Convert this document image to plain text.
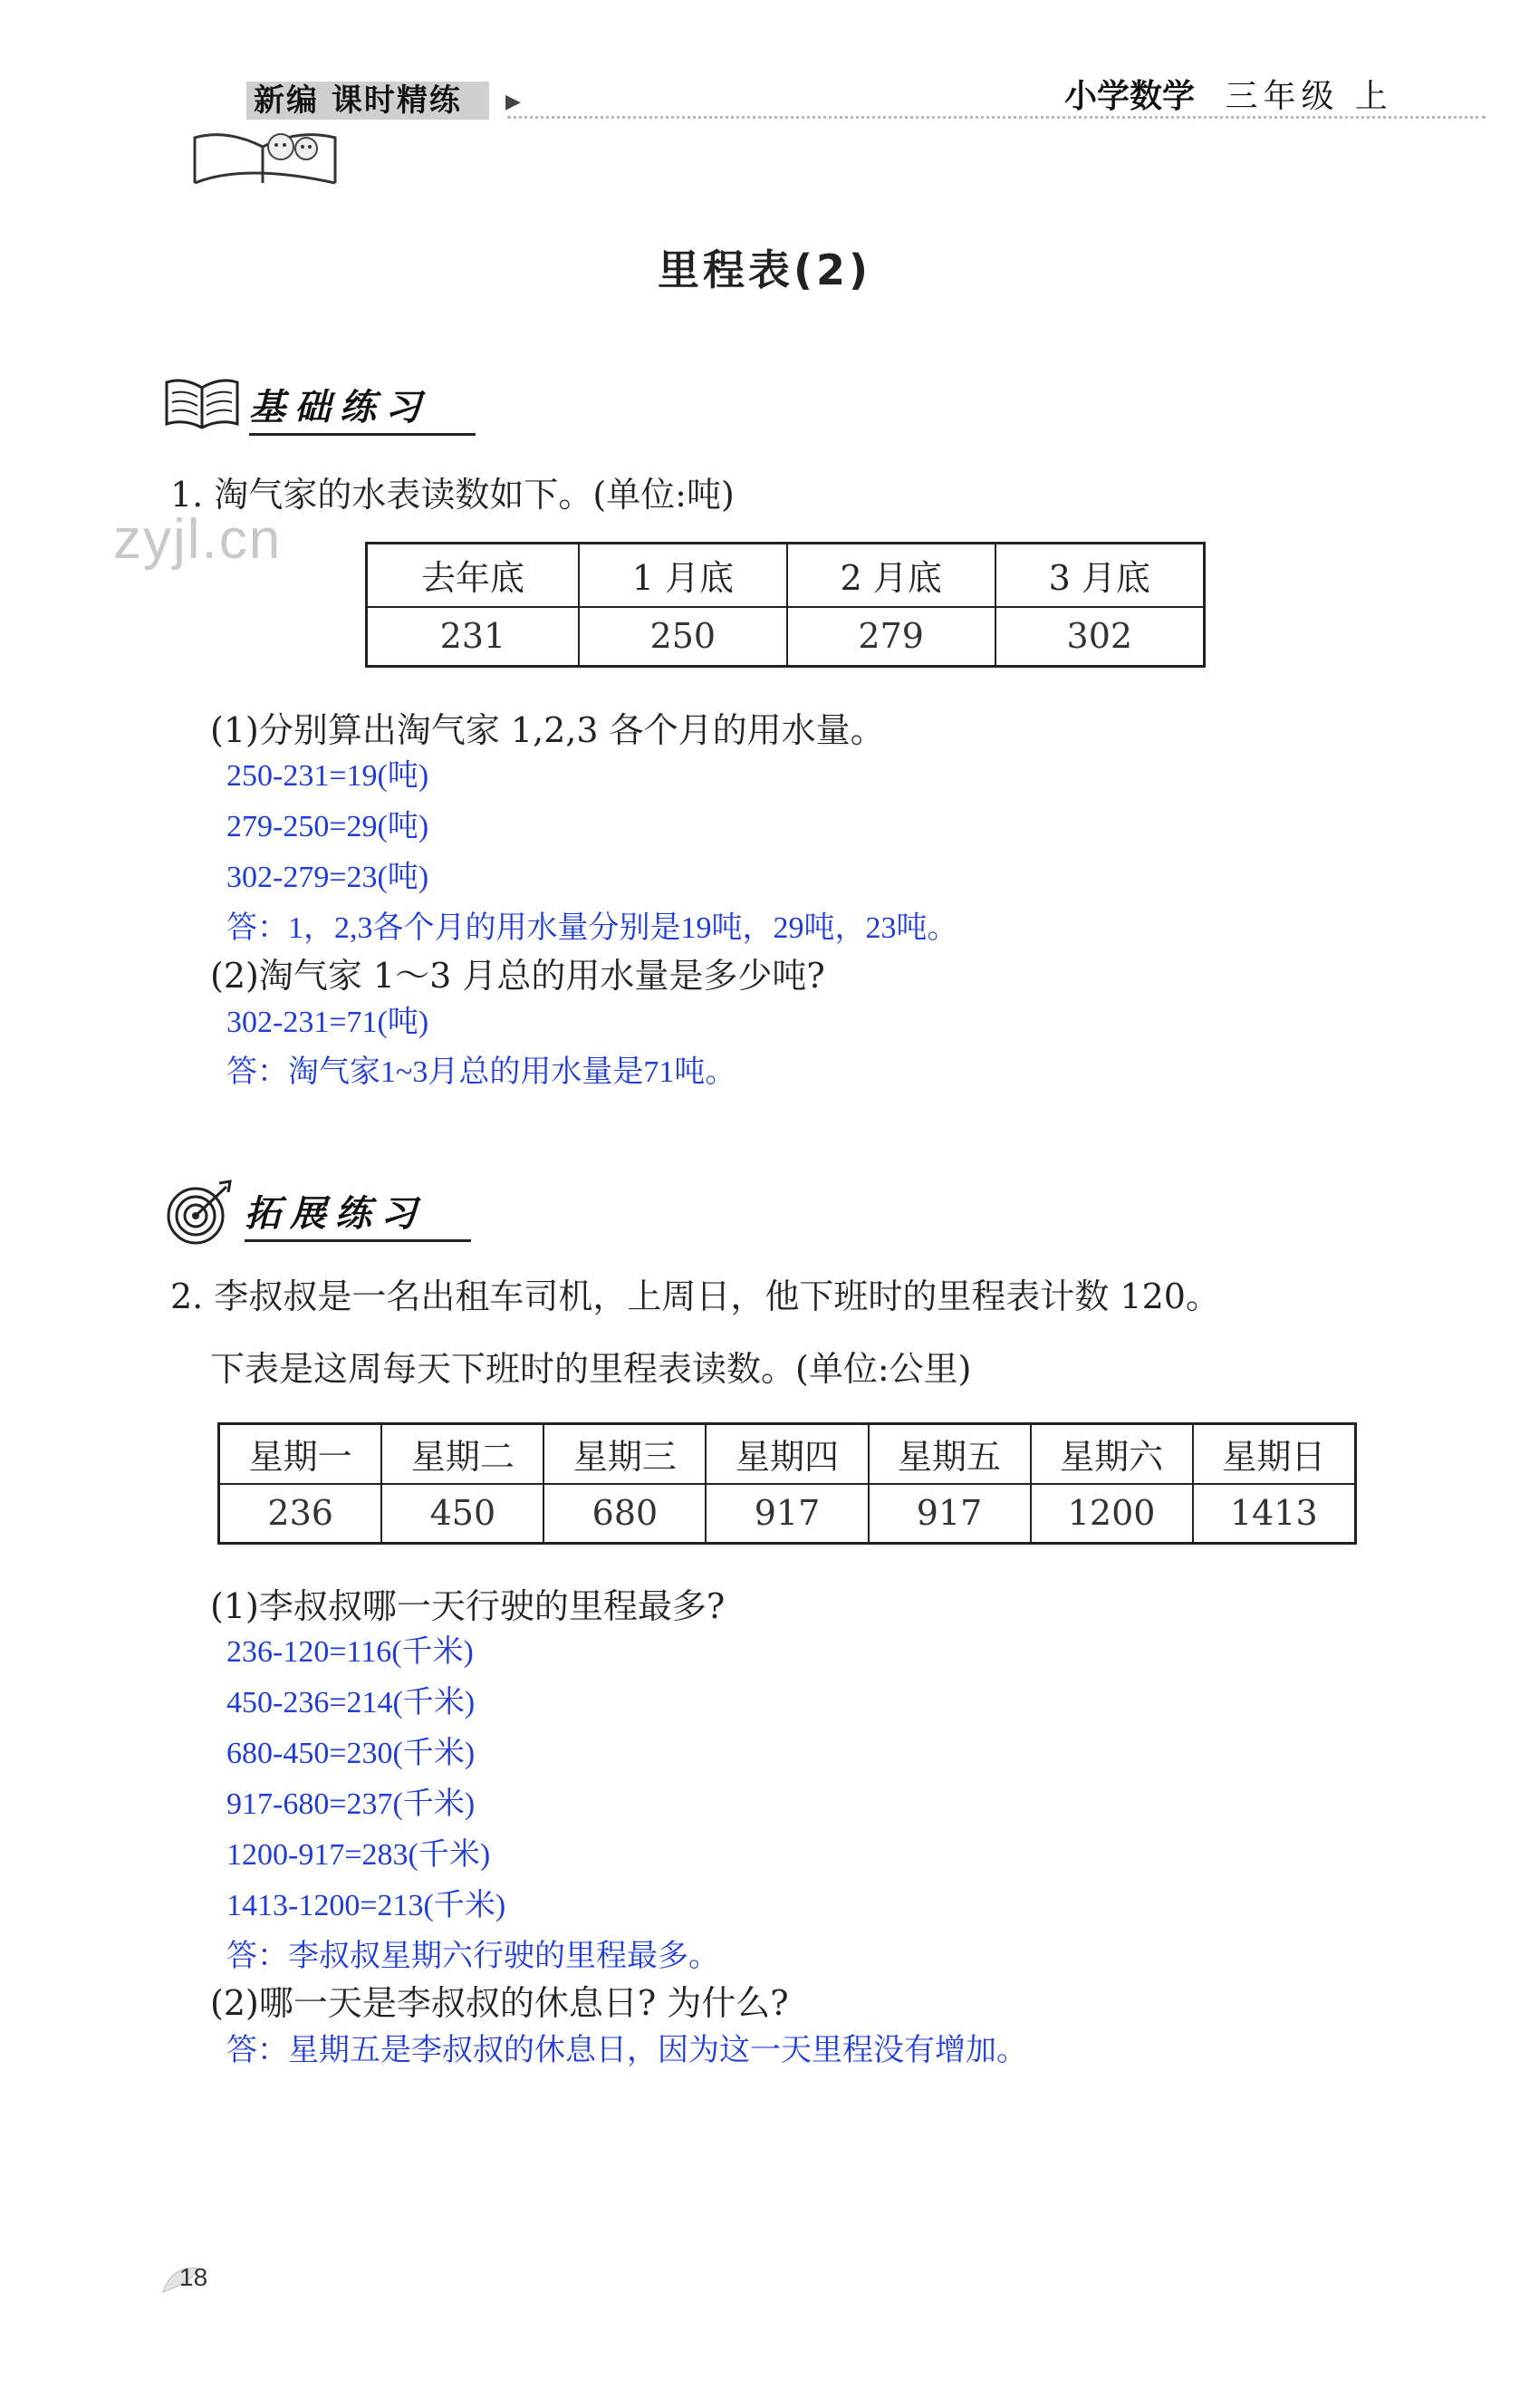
新编 课时精练	▶	小学数学 三年级 上
里程表(2)
zyjl.cn
基础练习
1. 淘气家的水表读数如下。(单位:吨)
去年底	1 月底	2 月底	3 月底
231	250	279	302
(1)分别算出淘气家 1,2,3 各个月的用水量。
250-231=19(吨)
279-250=29(吨)
302-279=23(吨)
答：1，2,3各个月的用水量分别是19吨，29吨，23吨。
(2)淘气家 1～3 月总的用水量是多少吨?
302-231=71(吨)
答：淘气家1~3月总的用水量是71吨。
拓展练习
2. 李叔叔是一名出租车司机，上周日，他下班时的里程表计数 120。
下表是这周每天下班时的里程表读数。(单位:公里)
星期一	星期二	星期三	星期四	星期五	星期六	星期日
236	450	680	917	917	1200	1413
(1)李叔叔哪一天行驶的里程最多?
236-120=116(千米)
450-236=214(千米)
680-450=230(千米)
917-680=237(千米)
1200-917=283(千米)
1413-1200=213(千米)
答：李叔叔星期六行驶的里程最多。
(2)哪一天是李叔叔的休息日? 为什么?
答：星期五是李叔叔的休息日，因为这一天里程没有增加。
18
